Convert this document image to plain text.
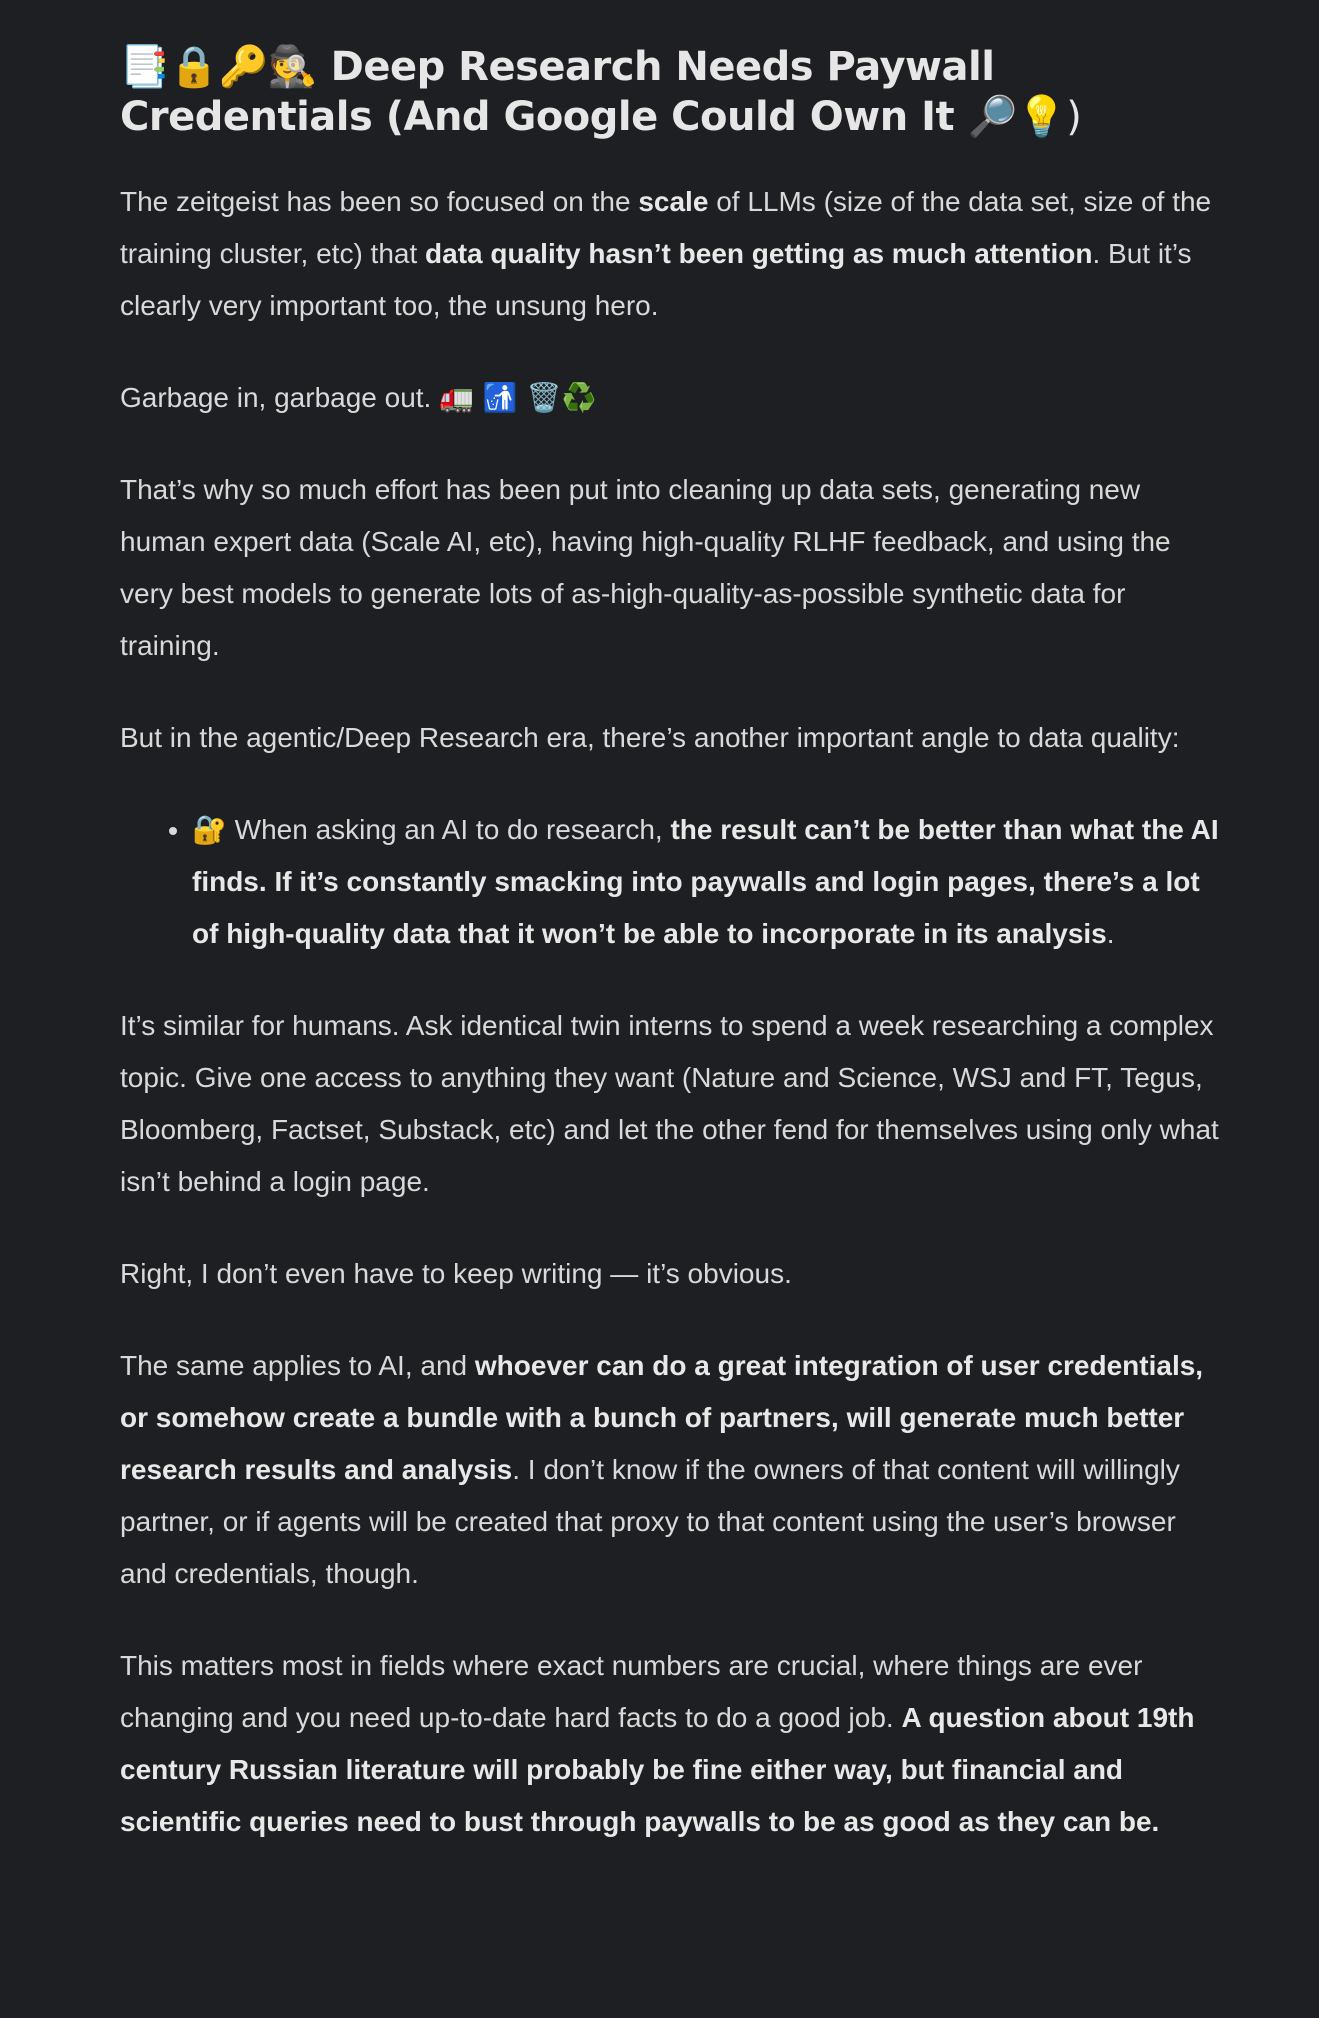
📑🔒🔑🕵️ Deep Research Needs Paywall Credentials (And Google Could Own It 🔎💡)

The zeitgeist has been so focused on the scale of LLMs (size of the data set, size of the training cluster, etc) that data quality hasn’t been getting as much attention. But it’s clearly very important too, the unsung hero.

Garbage in, garbage out. 🚛 🚮 🗑️♻️

That’s why so much effort has been put into cleaning up data sets, generating new human expert data (Scale AI, etc), having high-quality RLHF feedback, and using the very best models to generate lots of as-high-quality-as-possible synthetic data for training.

But in the agentic/Deep Research era, there’s another important angle to data quality:

• 🔐 When asking an AI to do research, the result can’t be better than what the AI finds. If it’s constantly smacking into paywalls and login pages, there’s a lot of high-quality data that it won’t be able to incorporate in its analysis.

It’s similar for humans. Ask identical twin interns to spend a week researching a complex topic. Give one access to anything they want (Nature and Science, WSJ and FT, Tegus, Bloomberg, Factset, Substack, etc) and let the other fend for themselves using only what isn’t behind a login page.

Right, I don’t even have to keep writing — it’s obvious.

The same applies to AI, and whoever can do a great integration of user credentials, or somehow create a bundle with a bunch of partners, will generate much better research results and analysis. I don’t know if the owners of that content will willingly partner, or if agents will be created that proxy to that content using the user’s browser and credentials, though.

This matters most in fields where exact numbers are crucial, where things are ever changing and you need up-to-date hard facts to do a good job. A question about 19th century Russian literature will probably be fine either way, but financial and scientific queries need to bust through paywalls to be as good as they can be.
